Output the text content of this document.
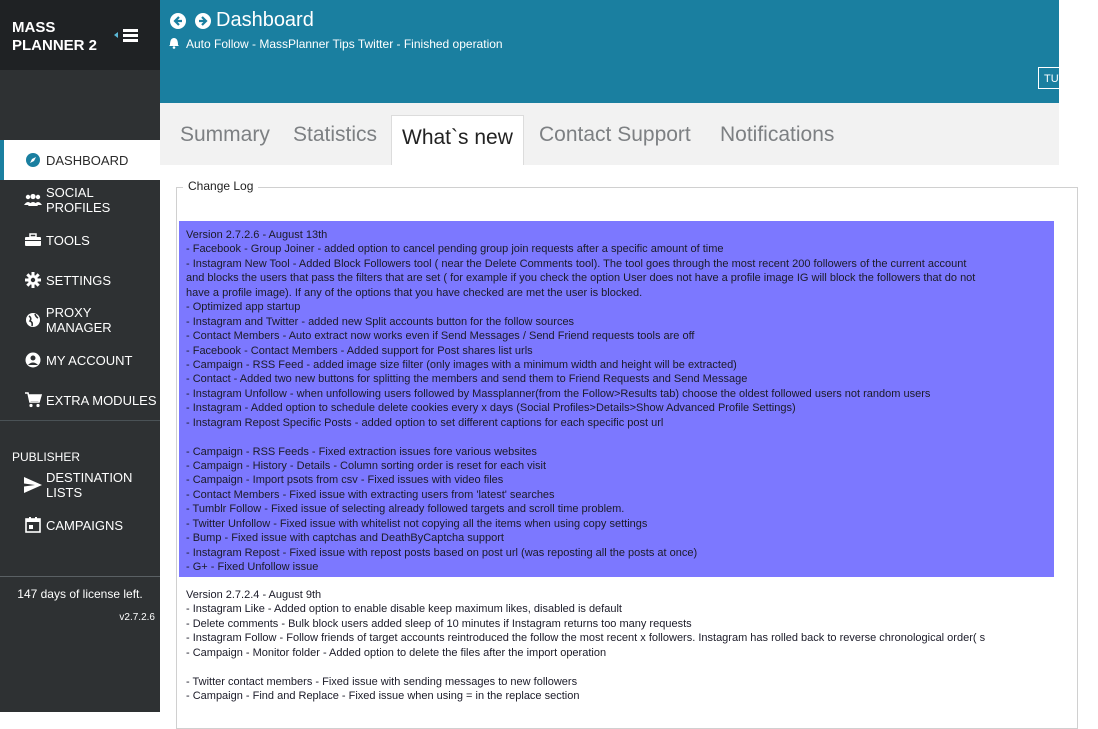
MASS PLANNER 2
DASHBOARD
SOCIAL PROFILES
TOOLS
SETTINGS
PROXY MANAGER
MY ACCOUNT
EXTRA MODULES
PUBLISHER
DESTINATION LISTS
CAMPAIGNS
147 days of license left.
v2.7.2.6
Dashboard
Auto Follow - MassPlanner Tips Twitter - Finished operation
TUTORIAL
Summary Statistics	What`s new	Contact Support Notifications
Change Log
Version 2.7.2.6 - August 13th
- Facebook - Group Joiner - added option to cancel pending group join requests after a specific amount of time
- Instagram New Tool - Added Block Followers tool ( near the Delete Comments tool). The tool goes through the most recent 200 followers of the current account
and blocks the users that pass the filters that are set ( for example if you check the option User does not have a profile image IG will block the followers that do not
have a profile image). If any of the options that you have checked are met the user is blocked.
- Optimized app startup
- Instagram and Twitter - added new Split accounts button for the follow sources
- Contact Members - Auto extract now works even if Send Messages / Send Friend requests tools are off
- Facebook - Contact Members - Added support for Post shares list urls
- Campaign - RSS Feed - added image size filter (only images with a minimum width and height will be extracted)
- Contact - Added two new buttons for splitting the members and send them to Friend Requests and Send Message
- Instagram Unfollow - when unfollowing users followed by Massplanner(from the Follow>Results tab) choose the oldest followed users not random users
- Instagram - Added option to schedule delete cookies every x days (Social Profiles>Details>Show Advanced Profile Settings)
- Instagram Repost Specific Posts - added option to set different captions for each specific post url
- Campaign - RSS Feeds - Fixed extraction issues fore various websites
- Campaign - History - Details - Column sorting order is reset for each visit
- Campaign - Import psots from csv - Fixed issues with video files
- Contact Members - Fixed issue with extracting users from 'latest' searches
- Tumblr Follow - Fixed issue of selecting already followed targets and scroll time problem.
- Twitter Unfollow - Fixed issue with whitelist not copying all the items when using copy settings
- Bump - Fixed issue with captchas and DeathByCaptcha support
- Instagram Repost - Fixed issue with repost posts based on post url (was reposting all the posts at once)
- G+ - Fixed Unfollow issue
Version 2.7.2.4 - August 9th
- Instagram Like - Added option to enable disable keep maximum likes, disabled is default
- Delete comments - Bulk block users added sleep of 10 minutes if Instagram returns too many requests
- Instagram Follow - Follow friends of target accounts reintroduced the follow the most recent x followers. Instagram has rolled back to reverse chronological order( s
- Campaign - Monitor folder - Added option to delete the files after the import operation
- Twitter contact members - Fixed issue with sending messages to new followers
- Campaign - Find and Replace - Fixed issue when using = in the replace section
